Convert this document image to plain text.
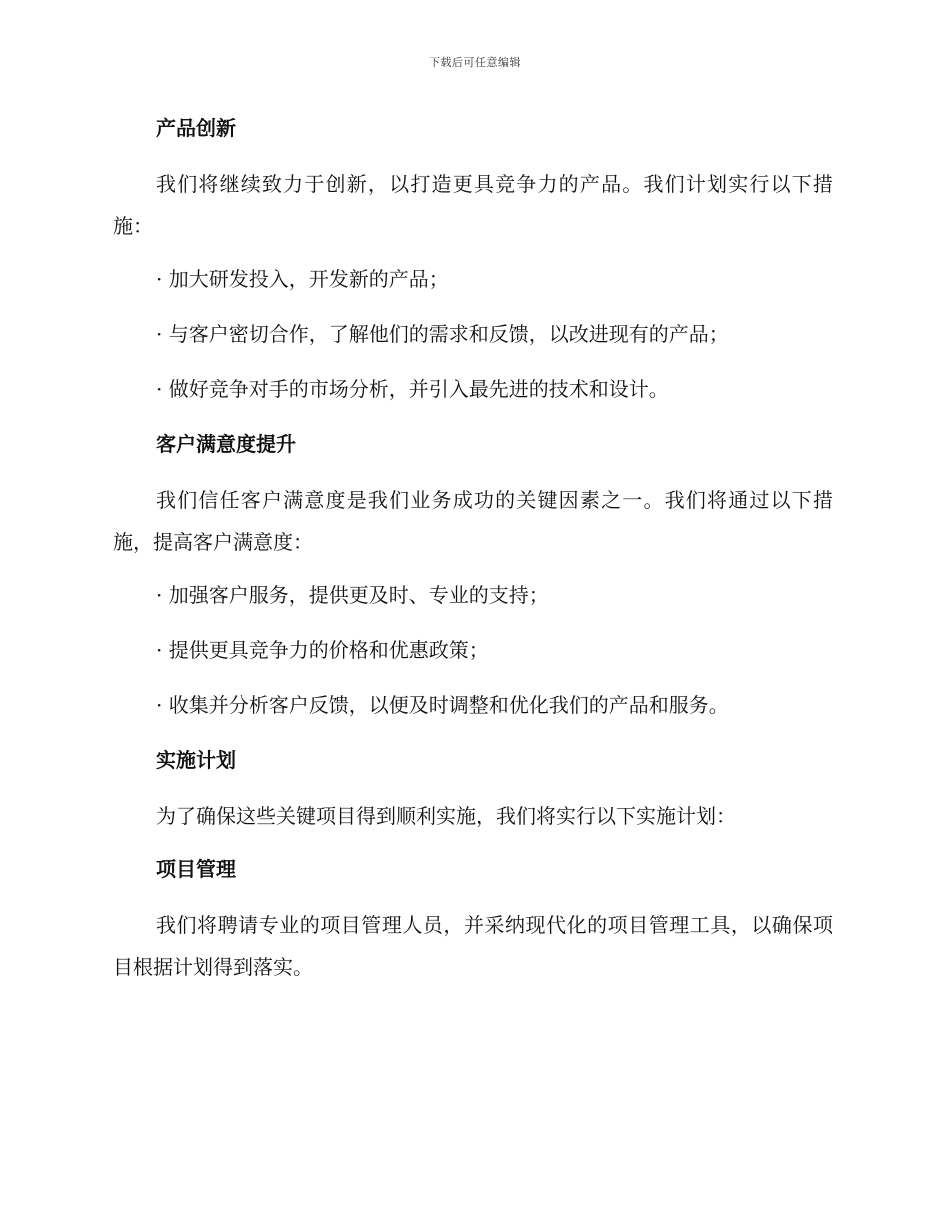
下载后可任意编辑
产品创新

我们将继续致力于创新，以打造更具竞争力的产品。我们计划实行以下措施：

· 加大研发投入，开发新的产品；
· 与客户密切合作，了解他们的需求和反馈，以改进现有的产品；
· 做好竞争对手的市场分析，并引入最先进的技术和设计。
客户满意度提升

我们信任客户满意度是我们业务成功的关键因素之一。我们将通过以下措施，提高客户满意度：

· 加强客户服务，提供更及时、专业的支持；
· 提供更具竞争力的价格和优惠政策；
· 收集并分析客户反馈，以便及时调整和优化我们的产品和服务。
实施计划

为了确保这些关键项目得到顺利实施，我们将实行以下实施计划：

项目管理

我们将聘请专业的项目管理人员，并采纳现代化的项目管理工具，以确保项目根据计划得到落实。
